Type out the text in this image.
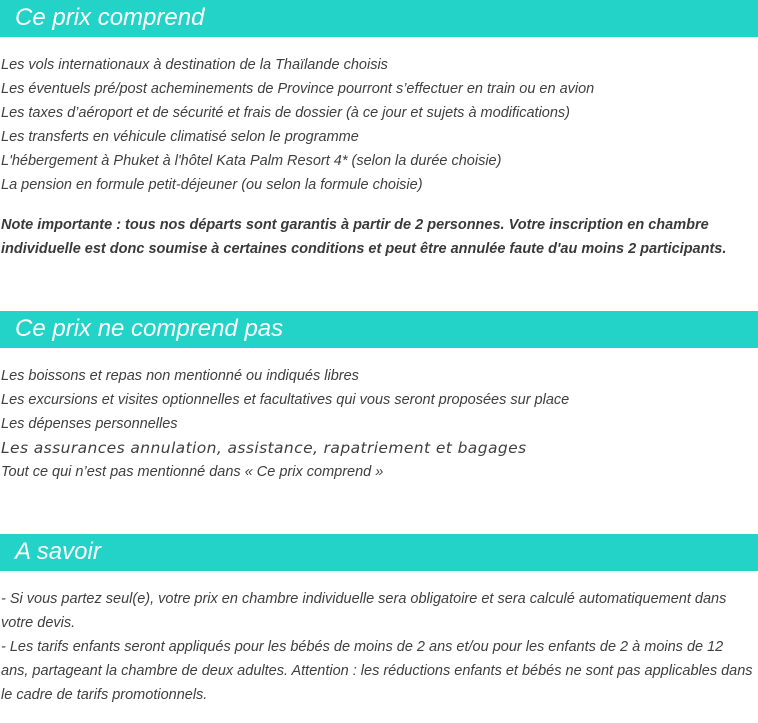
Ce prix comprend
Les vols internationaux à destination de la Thaïlande choisis
Les éventuels pré/post acheminements de Province pourront s’effectuer en train ou en avion
Les taxes d’aéroport et de sécurité et frais de dossier (à ce jour et sujets à modifications)
Les transferts en véhicule climatisé selon le programme
L'hébergement à Phuket à l'hôtel Kata Palm Resort 4* (selon la durée choisie)
La pension en formule petit-déjeuner (ou selon la formule choisie)
Note importante : tous nos départs sont garantis à partir de 2 personnes. Votre inscription en chambre individuelle est donc soumise à certaines conditions et peut être annulée faute d'au moins 2 participants.
Ce prix ne comprend pas
Les boissons et repas non mentionné ou indiqués libres
Les excursions et visites optionnelles et facultatives qui vous seront proposées sur place
Les dépenses personnelles
Les assurances annulation, assistance, rapatriement et bagages
Tout ce qui n’est pas mentionné dans « Ce prix comprend »
A savoir
- Si vous partez seul(e), votre prix en chambre individuelle sera obligatoire et sera calculé automatiquement dans votre devis.
- Les tarifs enfants seront appliqués pour les bébés de moins de 2 ans et/ou pour les enfants de 2 à moins de 12 ans, partageant la chambre de deux adultes. Attention : les réductions enfants et bébés ne sont pas applicables dans le cadre de tarifs promotionnels.
